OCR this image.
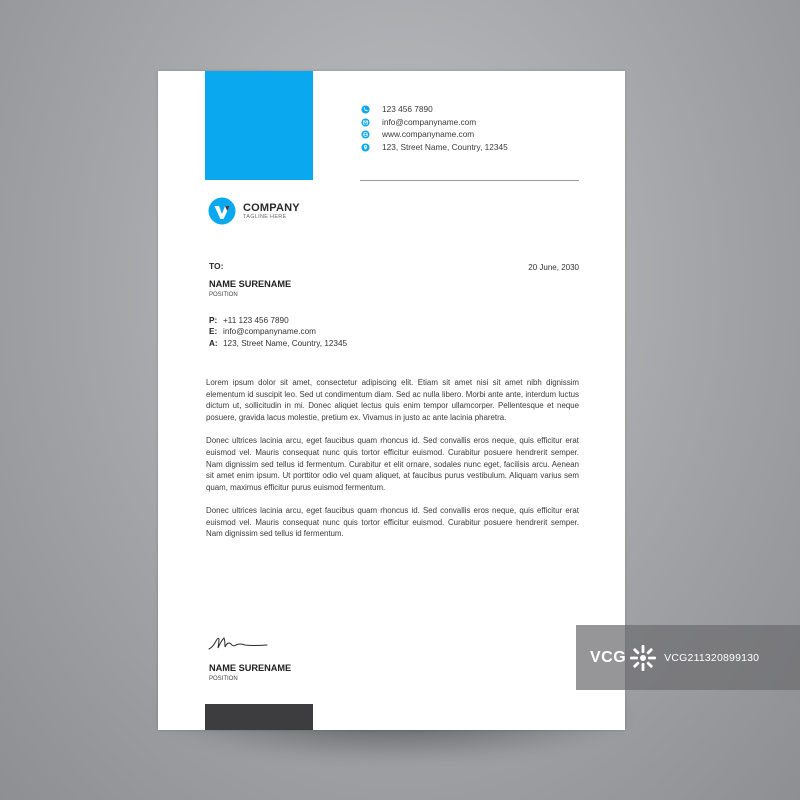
123 456 7890
info@companyname.com
www.companyname.com
123, Street Name, Country, 12345
COMPANY
TAGLINE HERE
TO:	20 June, 2030
NAME SURENAME
POSITION
P: +11 123 456 7890
E: info@companyname.com
A: 123, Street Name, Country, 12345

Lorem ipsum dolor sit amet, consectetur adipiscing elit. Etiam sit amet nisi sit amet nibh dignissim elementum id suscipit leo. Sed ut condimentum diam. Sed ac nulla libero. Morbi ante ante, interdum luctus dictum ut, sollicitudin in mi. Donec aliquet lectus quis enim tempor ullamcorper. Pellentesque et neque posuere, gravida lacus molestie, pretium ex. Vivamus in justo ac ante lacinia pharetra.

Donec ultrices lacinia arcu, eget faucibus quam rhoncus id. Sed convallis eros neque, quis efficitur erat euismod vel. Mauris consequat nunc quis tortor efficitur euismod. Curabitur posuere hendrerit semper. Nam dignissim sed tellus id fermentum. Curabitur et elit ornare, sodales nunc eget, facilisis arcu. Aenean sit amet enim ipsum. Ut porttitor odio vel quam aliquet, at faucibus purus vestibulum. Aliquam varius sem quam, maximus efficitur purus euismod fermentum.

Donec ultrices lacinia arcu, eget faucibus quam rhoncus id. Sed convallis eros neque, quis efficitur erat euismod vel. Mauris consequat nunc quis tortor efficitur euismod. Curabitur posuere hendrerit semper. Nam dignissim sed tellus id fermentum.

NAME SURENAME
POSITION
VCG	VCG211320899130
